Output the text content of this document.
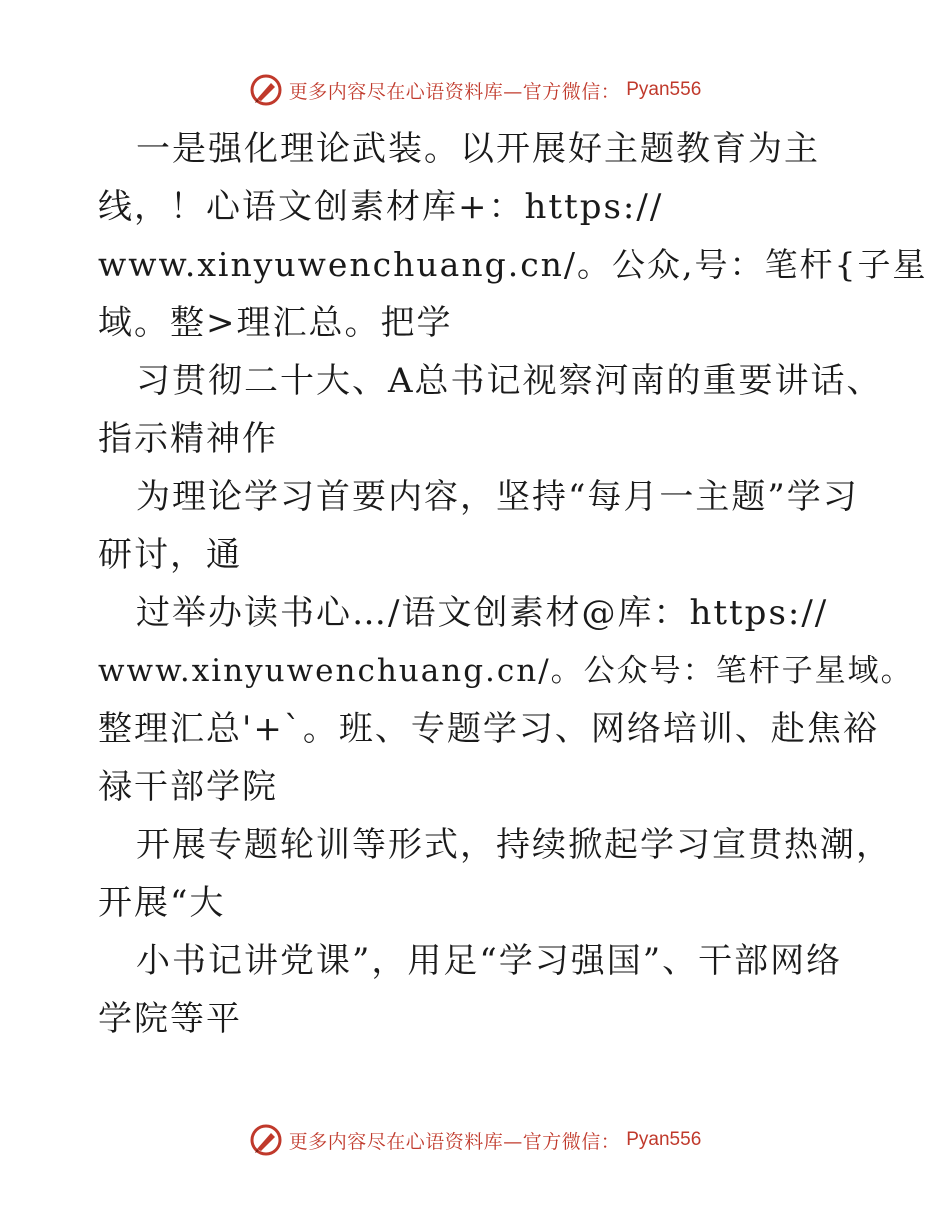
更多内容尽在心语资料库—官方微信： Pyan556
一是强化理论武装。以开展好主题教育为主
线，！心语文创素材库+：https://
www.xinyuwenchuang.cn/。公众,号：笔杆{子星
域。整>理汇总。把学
习贯彻二十大、A总书记视察河南的重要讲话、
指示精神作
为理论学习首要内容，坚持“每月一主题”学习
研讨，通
过举办读书心…/语文创素材@库：https://
www.xinyuwenchuang.cn/。公众号：笔杆子星域。
整理汇总'+`。班、专题学习、网络培训、赴焦裕
禄干部学院
开展专题轮训等形式，持续掀起学习宣贯热潮，
开展“大
小书记讲党课”，用足“学习强国”、干部网络
学院等平
更多内容尽在心语资料库—官方微信： Pyan556
